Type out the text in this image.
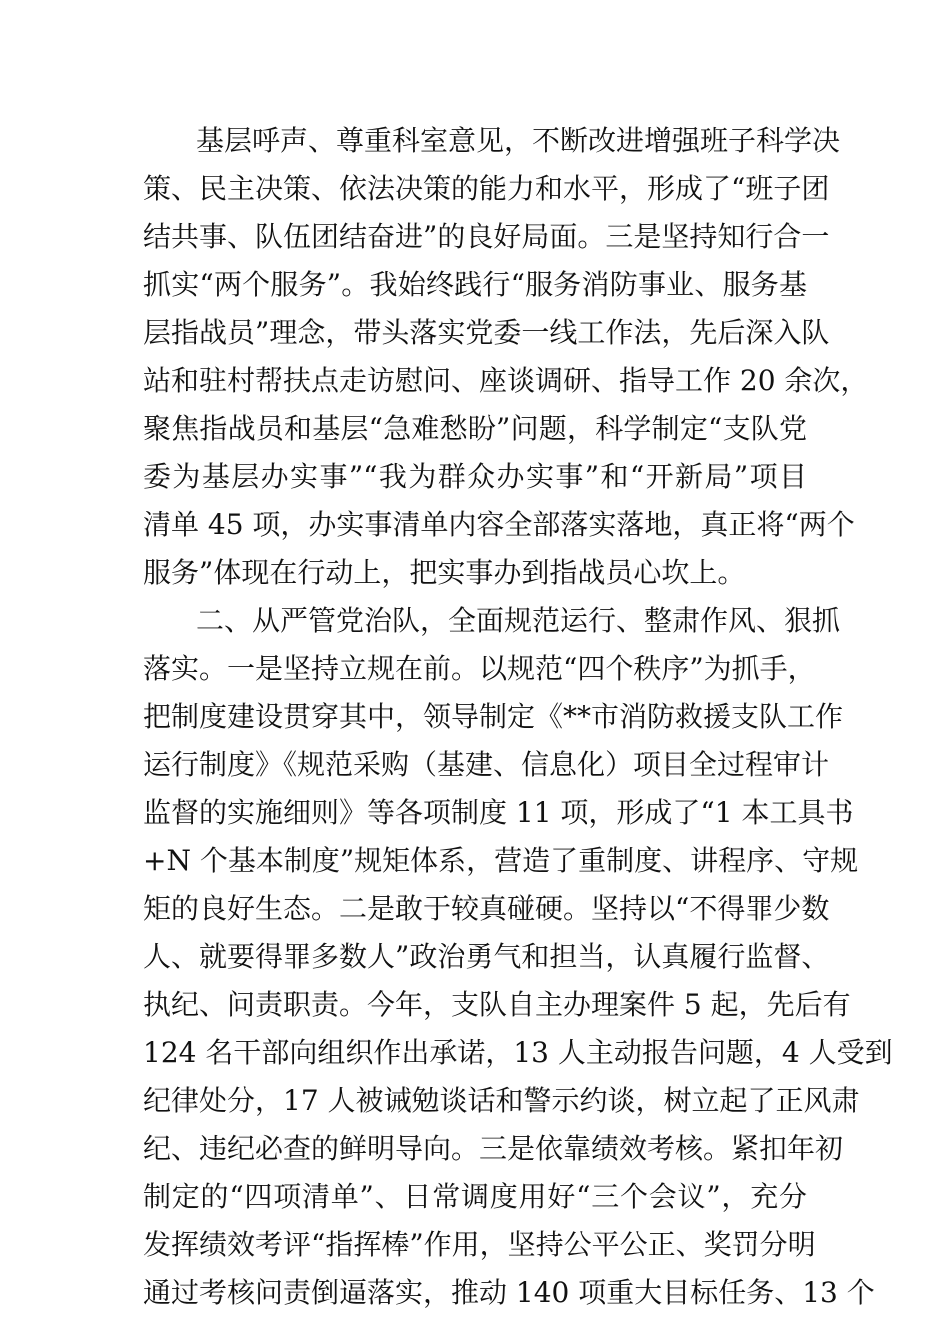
基层呼声、尊重科室意见，不断改进增强班子科学决
策、民主决策、依法决策的能力和水平，形成了“班子团
结共事、队伍团结奋进”的良好局面。三是坚持知行合一
抓实“两个服务”。我始终践行“服务消防事业、服务基
层指战员”理念，带头落实党委一线工作法，先后深入队
站和驻村帮扶点走访慰问、座谈调研、指导工作 20 余次，
聚焦指战员和基层“急难愁盼”问题，科学制定“支队党
委为基层办实事”“我为群众办实事”和“开新局”项目
清单 45 项，办实事清单内容全部落实落地，真正将“两个
服务”体现在行动上，把实事办到指战员心坎上。
二、从严管党治队，全面规范运行、整肃作风、狠抓
落实。一是坚持立规在前。以规范“四个秩序”为抓手，
把制度建设贯穿其中，领导制定《**市消防救援支队工作
运行制度》《规范采购（基建、信息化）项目全过程审计
监督的实施细则》等各项制度 11 项，形成了“1 本工具书
+N 个基本制度”规矩体系，营造了重制度、讲程序、守规
矩的良好生态。二是敢于较真碰硬。坚持以“不得罪少数
人、就要得罪多数人”政治勇气和担当，认真履行监督、
执纪、问责职责。今年，支队自主办理案件 5 起，先后有
124 名干部向组织作出承诺，13 人主动报告问题，4 人受到
纪律处分，17 人被诫勉谈话和警示约谈，树立起了正风肃
纪、违纪必查的鲜明导向。三是依靠绩效考核。紧扣年初
制定的“四项清单”、日常调度用好“三个会议”，充分
发挥绩效考评“指挥棒”作用，坚持公平公正、奖罚分明
通过考核问责倒逼落实，推动 140 项重大目标任务、13 个
